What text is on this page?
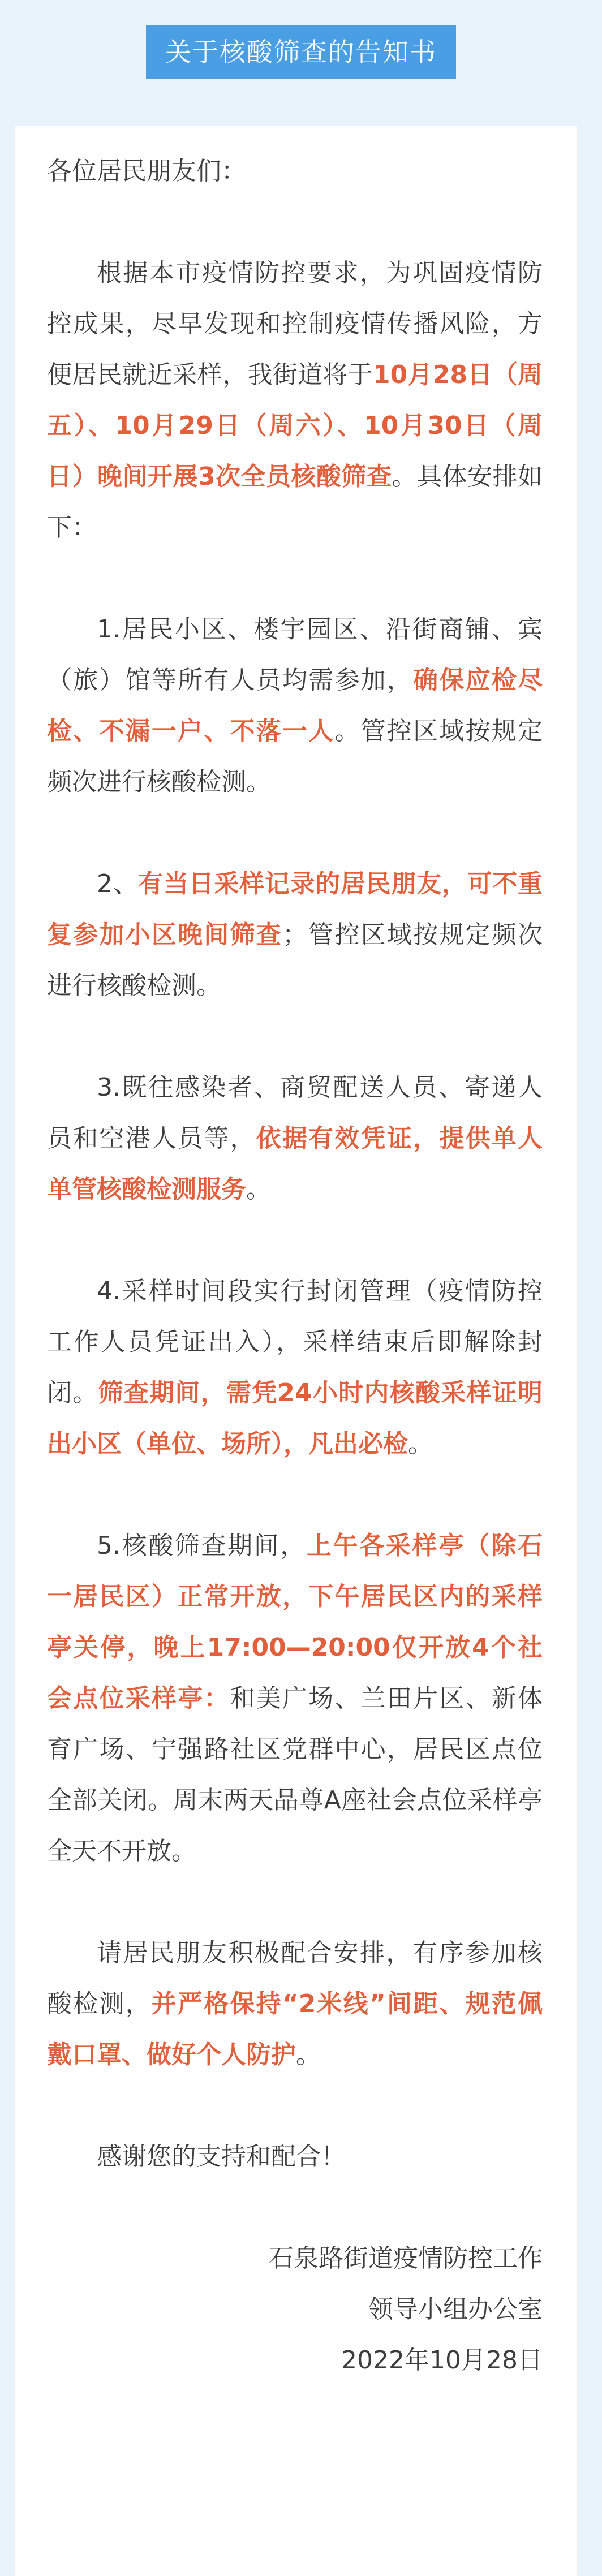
关于核酸筛查的告知书

各位居民朋友们：

根据本市疫情防控要求，为巩固疫情防控成果，尽早发现和控制疫情传播风险，方便居民就近采样，我街道将于10月28日（周五）、10月29日（周六）、10月30日（周日）晚间开展3次全员核酸筛查。具体安排如下：

1.居民小区、楼宇园区、沿街商铺、宾（旅）馆等所有人员均需参加，确保应检尽检、不漏一户、不落一人。管控区域按规定频次进行核酸检测。

2、有当日采样记录的居民朋友，可不重复参加小区晚间筛查；管控区域按规定频次进行核酸检测。

3.既往感染者、商贸配送人员、寄递人员和空港人员等，依据有效凭证，提供单人单管核酸检测服务。

4.采样时间段实行封闭管理（疫情防控工作人员凭证出入），采样结束后即解除封闭。筛查期间，需凭24小时内核酸采样证明出小区（单位、场所），凡出必检。

5.核酸筛查期间，上午各采样亭（除石一居民区）正常开放，下午居民区内的采样亭关停，晚上17:00—20:00仅开放4个社会点位采样亭：和美广场、兰田片区、新体育广场、宁强路社区党群中心，居民区点位全部关闭。周末两天品尊A座社会点位采样亭全天不开放。

请居民朋友积极配合安排，有序参加核酸检测，并严格保持“2米线”间距、规范佩戴口罩、做好个人防护。

感谢您的支持和配合！

石泉路街道疫情防控工作

领导小组办公室

2022年10月28日
